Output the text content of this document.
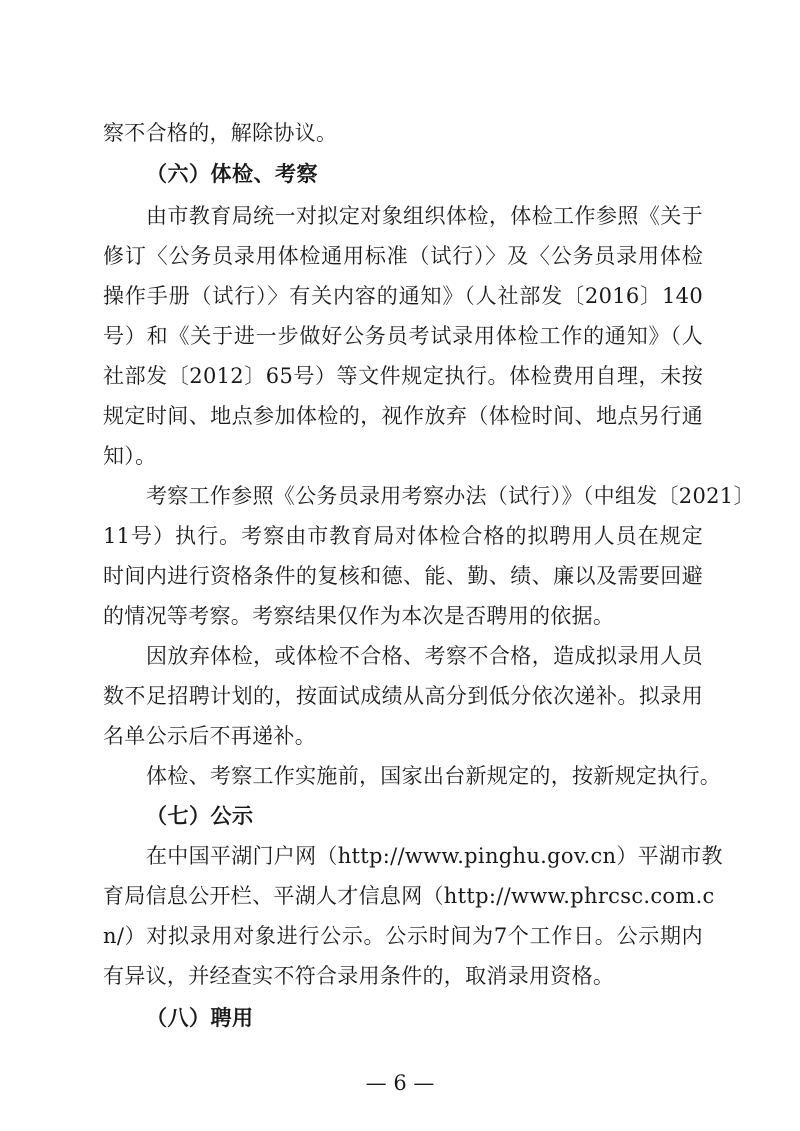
察不合格的，解除协议。
（六）体检、考察
由市教育局统一对拟定对象组织体检，体检工作参照《关于
修订〈公务员录用体检通用标准（试行）〉及〈公务员录用体检
操作手册（试行）〉有关内容的通知》（人社部发〔2016〕140
号）和《关于进一步做好公务员考试录用体检工作的通知》（人
社部发〔2012〕65号）等文件规定执行。体检费用自理，未按
规定时间、地点参加体检的，视作放弃（体检时间、地点另行通
知）。
考察工作参照《公务员录用考察办法（试行）》（中组发〔2021〕
11号）执行。考察由市教育局对体检合格的拟聘用人员在规定
时间内进行资格条件的复核和德、能、勤、绩、廉以及需要回避
的情况等考察。考察结果仅作为本次是否聘用的依据。
因放弃体检，或体检不合格、考察不合格，造成拟录用人员
数不足招聘计划的，按面试成绩从高分到低分依次递补。拟录用
名单公示后不再递补。
体检、考察工作实施前，国家出台新规定的，按新规定执行。
（七）公示
在中国平湖门户网（http://www.pinghu.gov.cn）平湖市教
育局信息公开栏、平湖人才信息网（http://www.phrcsc.com.c
n/）对拟录用对象进行公示。公示时间为7个工作日。公示期内
有异议，并经查实不符合录用条件的，取消录用资格。
（八）聘用
— 6 —
